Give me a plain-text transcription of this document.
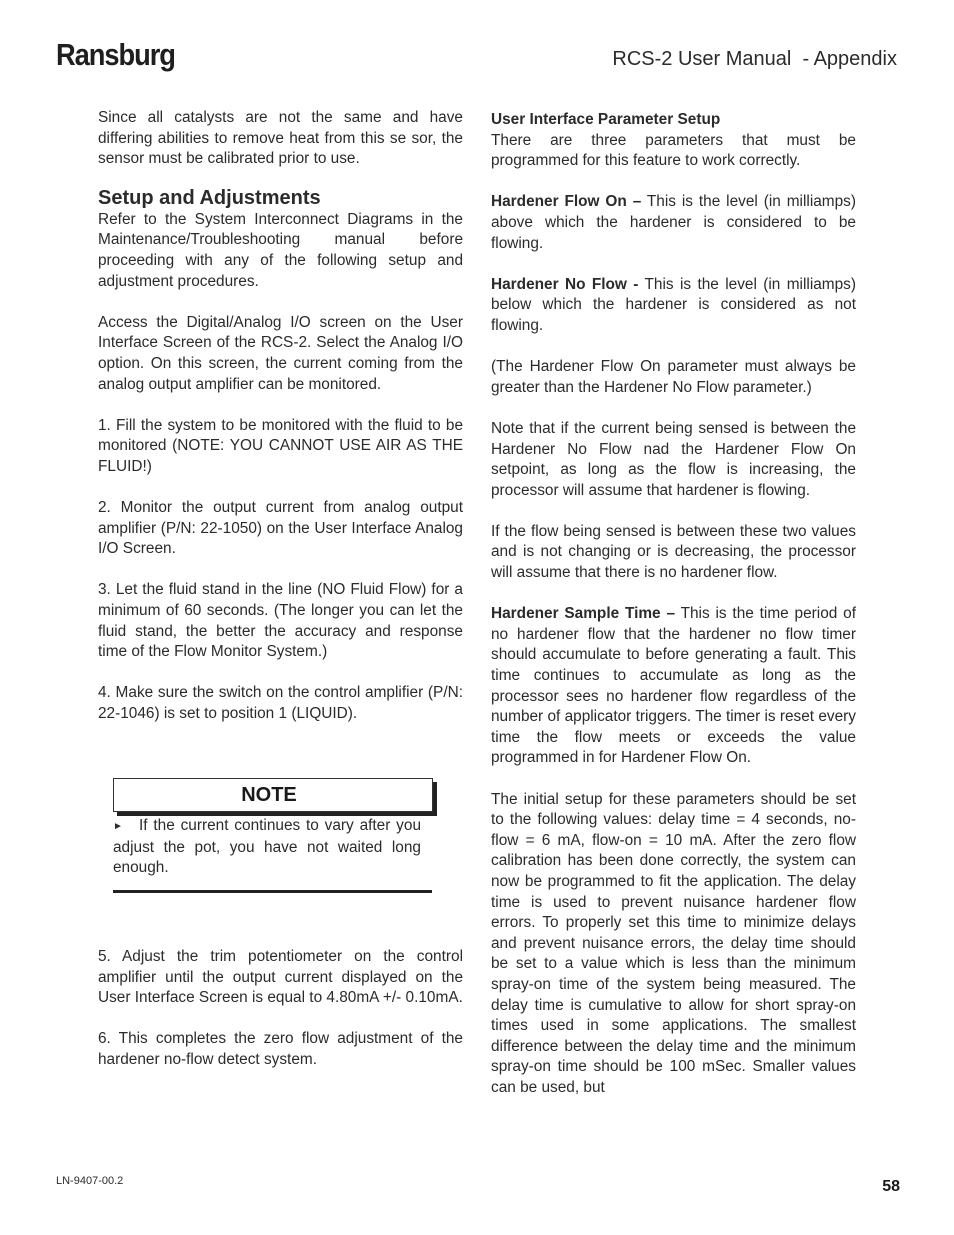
Ransburg	RCS-2 User Manual  - Appendix

Since all catalysts are not the same and have differing abilities to remove heat from this se sor, the sensor must be calibrated prior to use.

Setup and Adjustments

Refer to the System Interconnect Diagrams in the Maintenance/Troubleshooting manual before proceeding with any of the following setup and adjustment procedures.

Access the Digital/Analog I/O screen on the User Interface Screen of the RCS-2. Select the Analog I/O option. On this screen, the current coming from the analog output amplifier can be monitored.

1. Fill the system to be monitored with the fluid to be monitored (NOTE: YOU CANNOT USE AIR AS THE FLUID!)

2. Monitor the output current from analog output amplifier (P/N: 22-1050) on the User Interface Analog I/O Screen.

3. Let the fluid stand in the line (NO Fluid Flow) for a minimum of 60 seconds. (The longer you can let the fluid stand, the better the accuracy and response time of the Flow Monitor System.)

4. Make sure the switch on the control amplifier (P/N: 22-1046) is set to position 1 (LIQUID).

NOTE
► If the current continues to vary after you adjust the pot, you have not waited long enough.

5. Adjust the trim potentiometer on the control amplifier until the output current displayed on the User Interface Screen is equal to 4.80mA +/- 0.10mA.

6. This completes the zero flow adjustment of the hardener no-flow detect system.

User Interface Parameter Setup

There are three parameters that must be programmed for this feature to work correctly.

Hardener Flow On – This is the level (in milliamps) above which the hardener is considered to be flowing.

Hardener No Flow - This is the level (in milliamps) below which the hardener is considered as not flowing.

(The Hardener Flow On parameter must always be greater than the Hardener No Flow parameter.)

Note that if the current being sensed is between the Hardener No Flow nad the Hardener Flow On setpoint, as long as the flow is increasing, the processor will assume that hardener is flowing.

If the flow being sensed is between these two values and is not changing or is decreasing, the processor will assume that there is no hardener flow.

Hardener Sample Time – This is the time period of no hardener flow that the hardener no flow timer should accumulate to before generating a fault. This time continues to accumulate as long as the processor sees no hardener flow regardless of the number of applicator triggers. The timer is reset every time the flow meets or exceeds the value programmed in for Hardener Flow On.

The initial setup for these parameters should be set to the following values: delay time = 4 seconds, no-flow = 6 mA, flow-on = 10 mA. After the zero flow calibration has been done correctly, the system can now be programmed to fit the application. The delay time is used to prevent nuisance hardener flow errors. To properly set this time to minimize delays and prevent nuisance errors, the delay time should be set to a value which is less than the minimum spray-on time of the system being measured. The delay time is cumulative to allow for short spray-on times used in some applications. The smallest difference between the delay time and the minimum spray-on time should be 100 mSec. Smaller values can be used, but

LN-9407-00.2	58
